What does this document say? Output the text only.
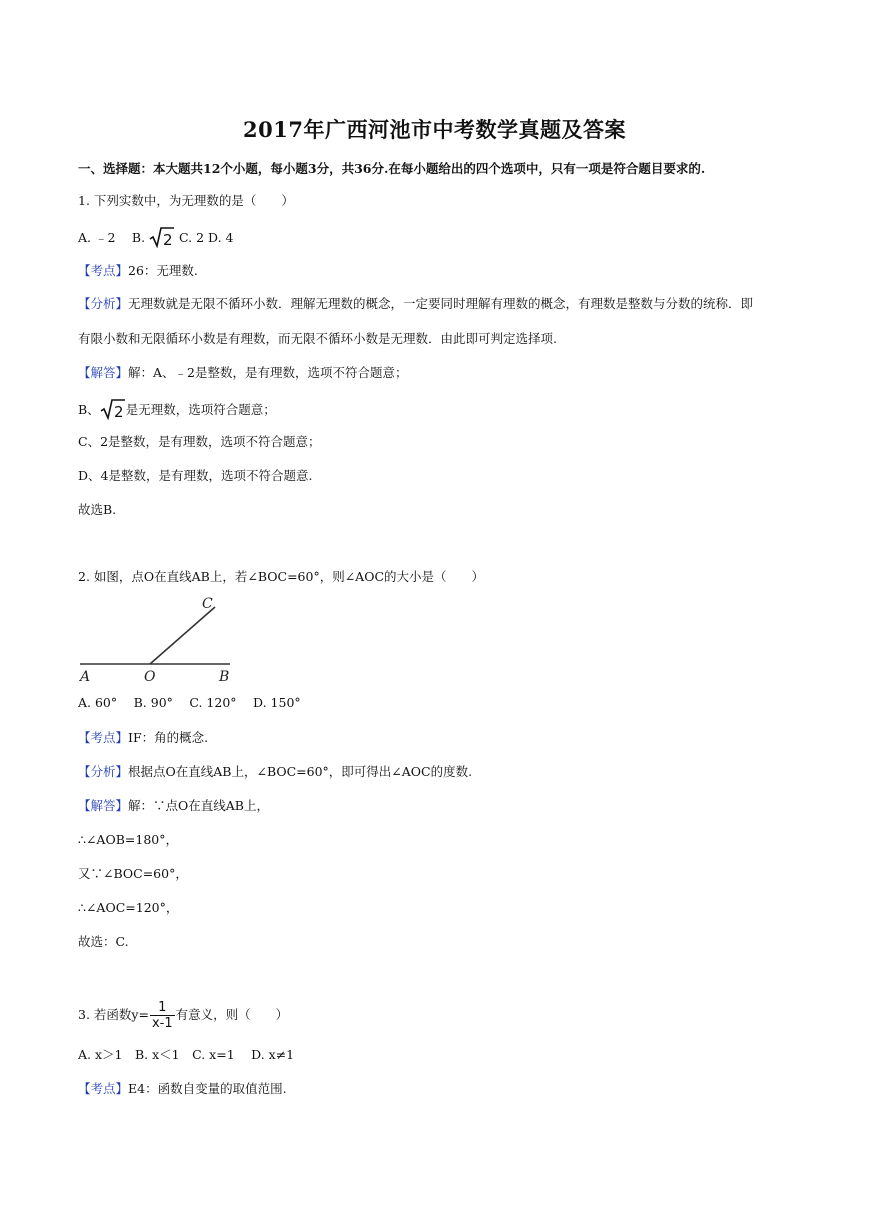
2017年广西河池市中考数学真题及答案
一、选择题：本大题共12个小题，每小题3分，共36分.在每小题给出的四个选项中，只有一项是符合题目要求的.
1. 下列实数中，为无理数的是（　　）
A. ﹣2　 B. 2 C. 2 D. 4
【考点】26：无理数.
【分析】无理数就是无限不循环小数．理解无理数的概念，一定要同时理解有理数的概念，有理数是整数与分数的统称．即
有限小数和无限循环小数是有理数，而无限不循环小数是无理数．由此即可判定选择项.
【解答】解：A、﹣2是整数，是有理数，选项不符合题意；
B、 2 是无理数，选项符合题意；
C、2是整数，是有理数，选项不符合题意；
D、4是整数，是有理数，选项不符合题意.
故选B.
2. 如图，点O在直线AB上，若∠BOC=60°，则∠AOC的大小是（　　）
A	O	B
C
A. 60°　 B. 90°　 C. 120°　 D. 150°
【考点】IF：角的概念.
【分析】根据点O在直线AB上，∠BOC=60°，即可得出∠AOC的度数.
【解答】解：∵点O在直线AB上，
∴∠AOB=180°，
又∵∠BOC=60°，
∴∠AOC=120°，
故选：C.
3. 若函数$y= \frac{1}{x-1}$ 有意义，则（　　）
A. x＞1　B. x＜1　C. x=1　 D. x≠1
【考点】E4：函数自变量的取值范围.
